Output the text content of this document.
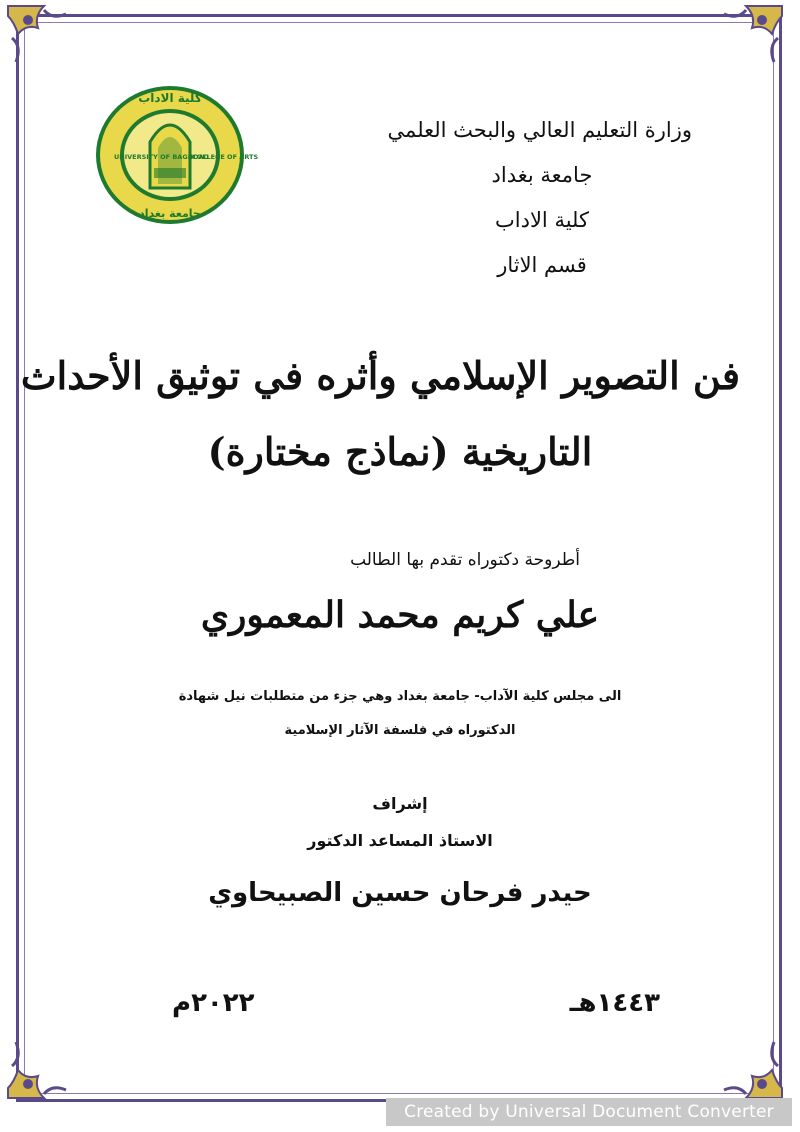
كلية الاداب
UNIVERSITY OF BAGHDAD
COLLEGE OF ARTS
جامعة بغداد
وزارة التعليم العالي والبحث العلمي
جامعة بغداد
كلية الاداب
قسم الاثار
فن التصوير الإسلامي وأثره في توثيق الأحداث
التاريخية (نماذج مختارة)
أطروحة دكتوراه تقدم بها الطالب
علي كريم محمد المعموري
الى مجلس كلية الآداب- جامعة بغداد وهي جزء من متطلبات نيل شهادة
الدكتوراه في فلسفة الآثار الإسلامية
إشراف
الاستاذ المساعد الدكتور
حيدر فرحان حسين الصبيحاوي
١٤٤٣هـ
٢٠٢٢م
Created by Universal Document Converter
